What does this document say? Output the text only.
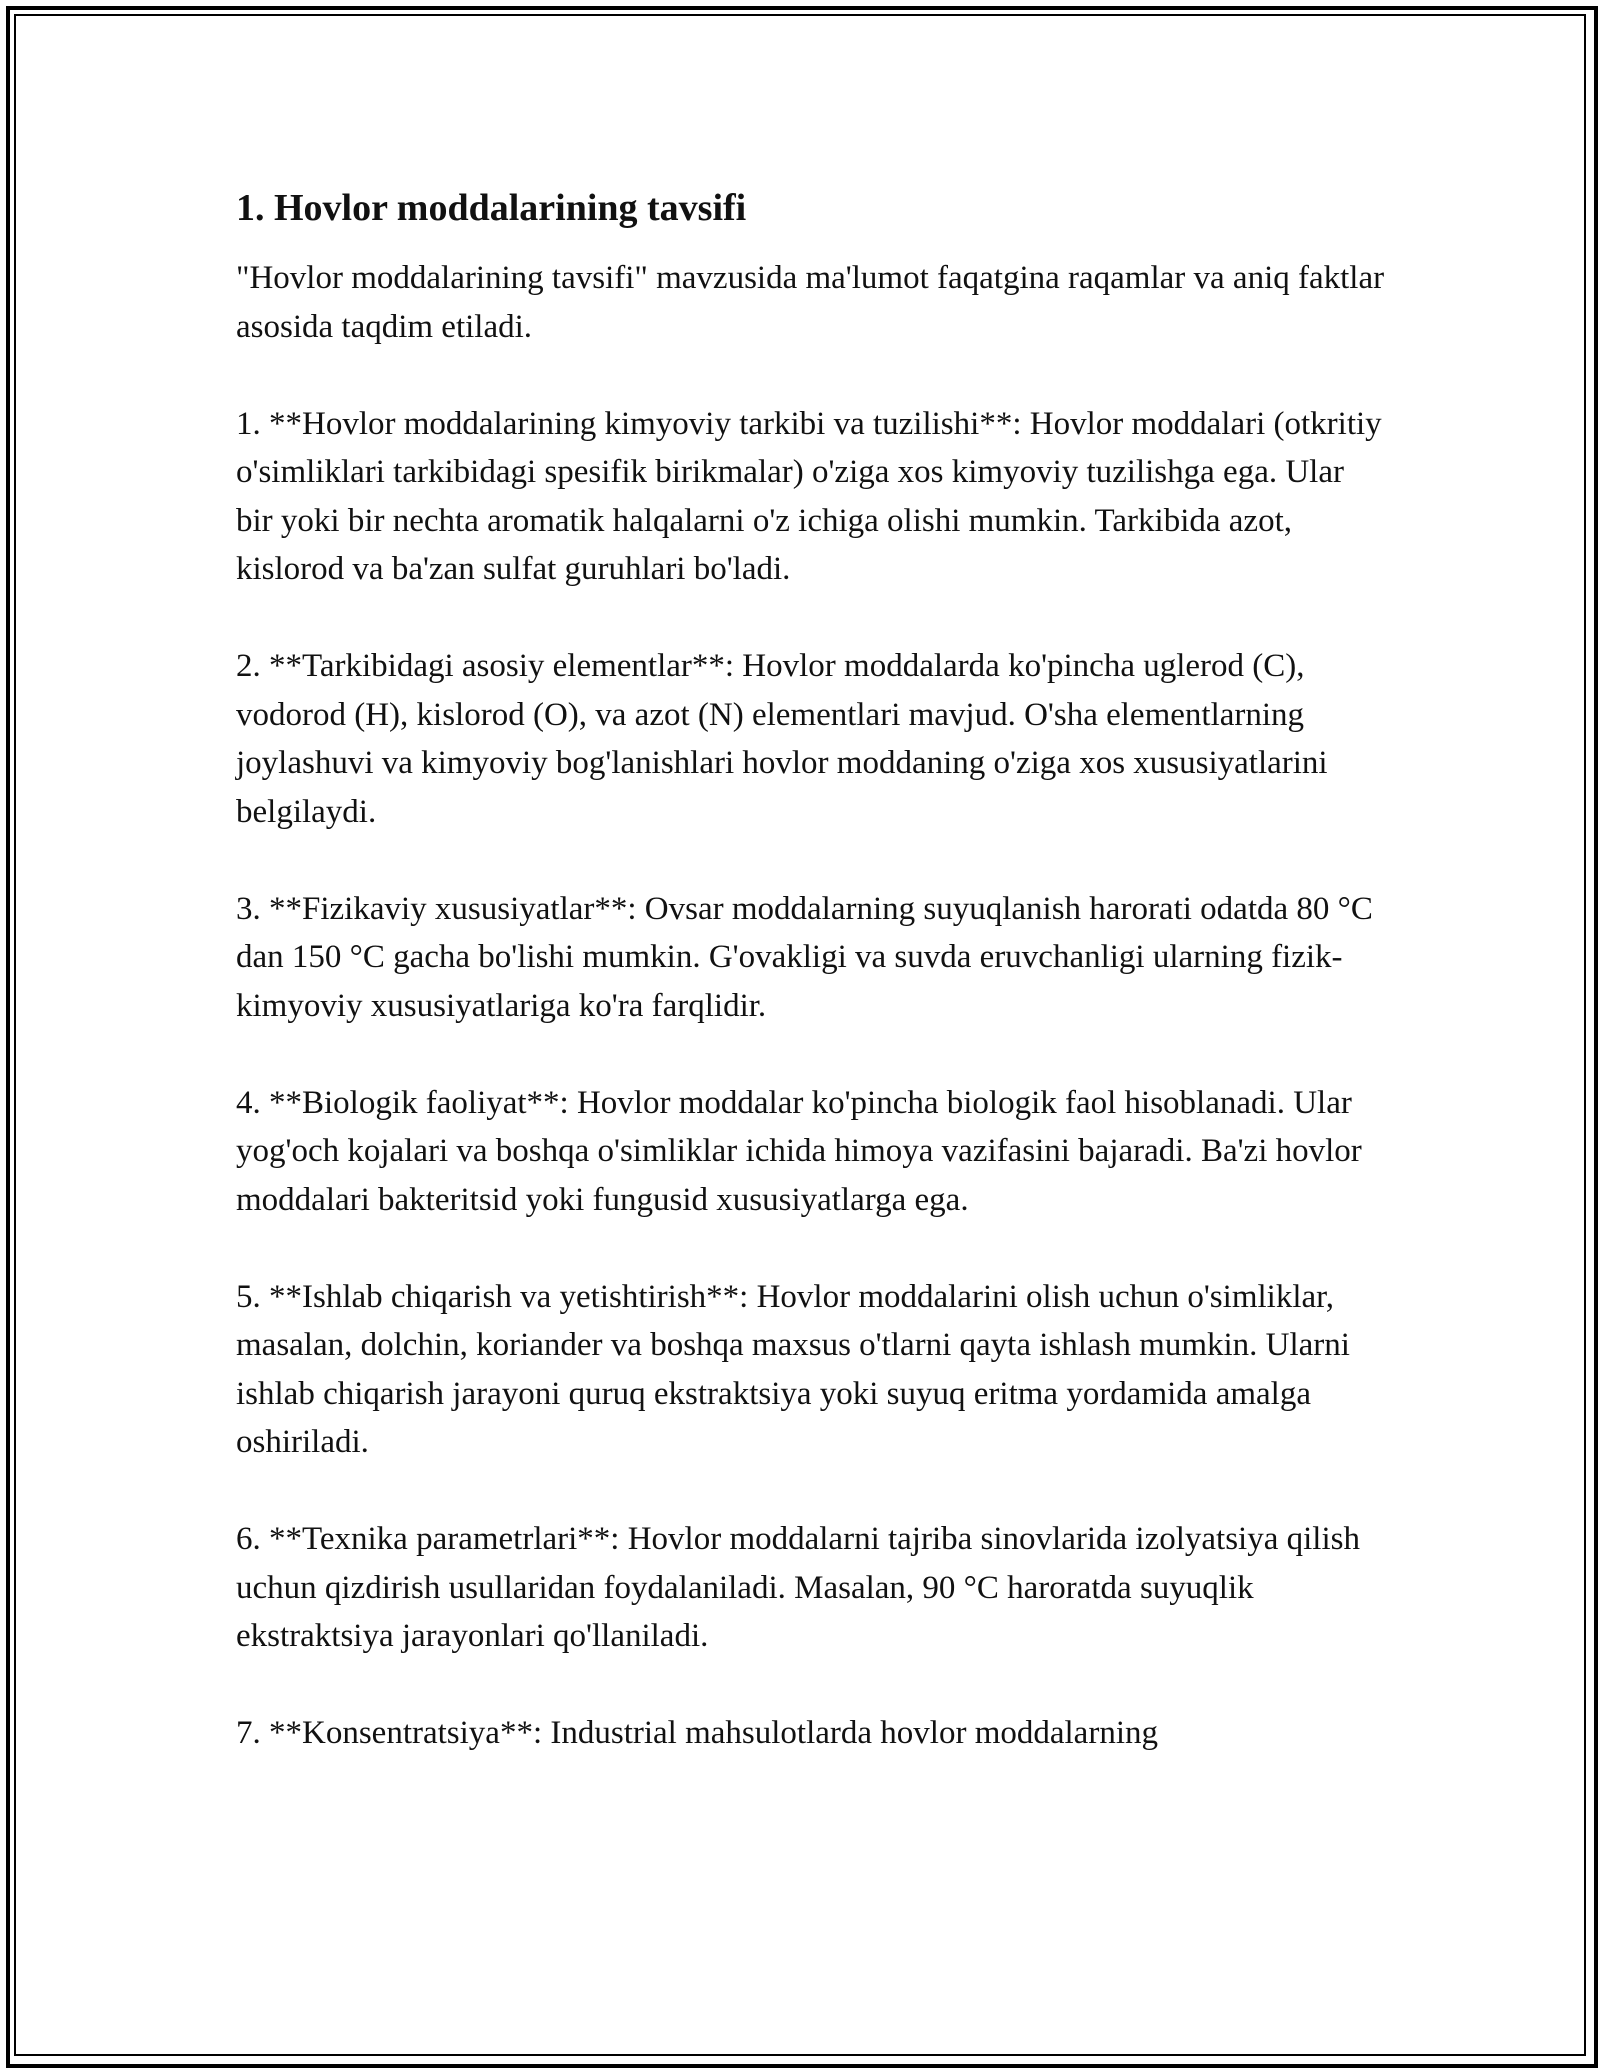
1. Hovlor moddalarining tavsifi

"Hovlor moddalarining tavsifi" mavzusida ma'lumot faqatgina raqamlar va aniq faktlar asosida taqdim etiladi.

1. **Hovlor moddalarining kimyoviy tarkibi va tuzilishi**: Hovlor moddalari (otkritiy o'simliklari tarkibidagi spesifik birikmalar) o'ziga xos kimyoviy tuzilishga ega. Ular bir yoki bir nechta aromatik halqalarni o'z ichiga olishi mumkin. Tarkibida azot, kislorod va ba'zan sulfat guruhlari bo'ladi.

2. **Tarkibidagi asosiy elementlar**: Hovlor moddalarda ko'pincha uglerod (C), vodorod (H), kislorod (O), va azot (N) elementlari mavjud. O'sha elementlarning joylashuvi va kimyoviy bog'lanishlari hovlor moddaning o'ziga xos xususiyatlarini belgilaydi.

3. **Fizikaviy xususiyatlar**: Ovsar moddalarning suyuqlanish harorati odatda 80 °C dan 150 °C gacha bo'lishi mumkin. G'ovakligi va suvda eruvchanligi ularning fizik-kimyoviy xususiyatlariga ko'ra farqlidir.

4. **Biologik faoliyat**: Hovlor moddalar ko'pincha biologik faol hisoblanadi. Ular yog'och kojalari va boshqa o'simliklar ichida himoya vazifasini bajaradi. Ba'zi hovlor moddalari bakteritsid yoki fungusid xususiyatlarga ega.

5. **Ishlab chiqarish va yetishtirish**: Hovlor moddalarini olish uchun o'simliklar, masalan, dolchin, koriander va boshqa maxsus o'tlarni qayta ishlash mumkin. Ularni ishlab chiqarish jarayoni quruq ekstraktsiya yoki suyuq eritma yordamida amalga oshiriladi.

6. **Texnika parametrlari**: Hovlor moddalarni tajriba sinovlarida izolyatsiya qilish uchun qizdirish usullaridan foydalaniladi. Masalan, 90 °C haroratda suyuqlik ekstraktsiya jarayonlari qo'llaniladi.

7. **Konsentratsiya**: Industrial mahsulotlarda hovlor moddalarning
